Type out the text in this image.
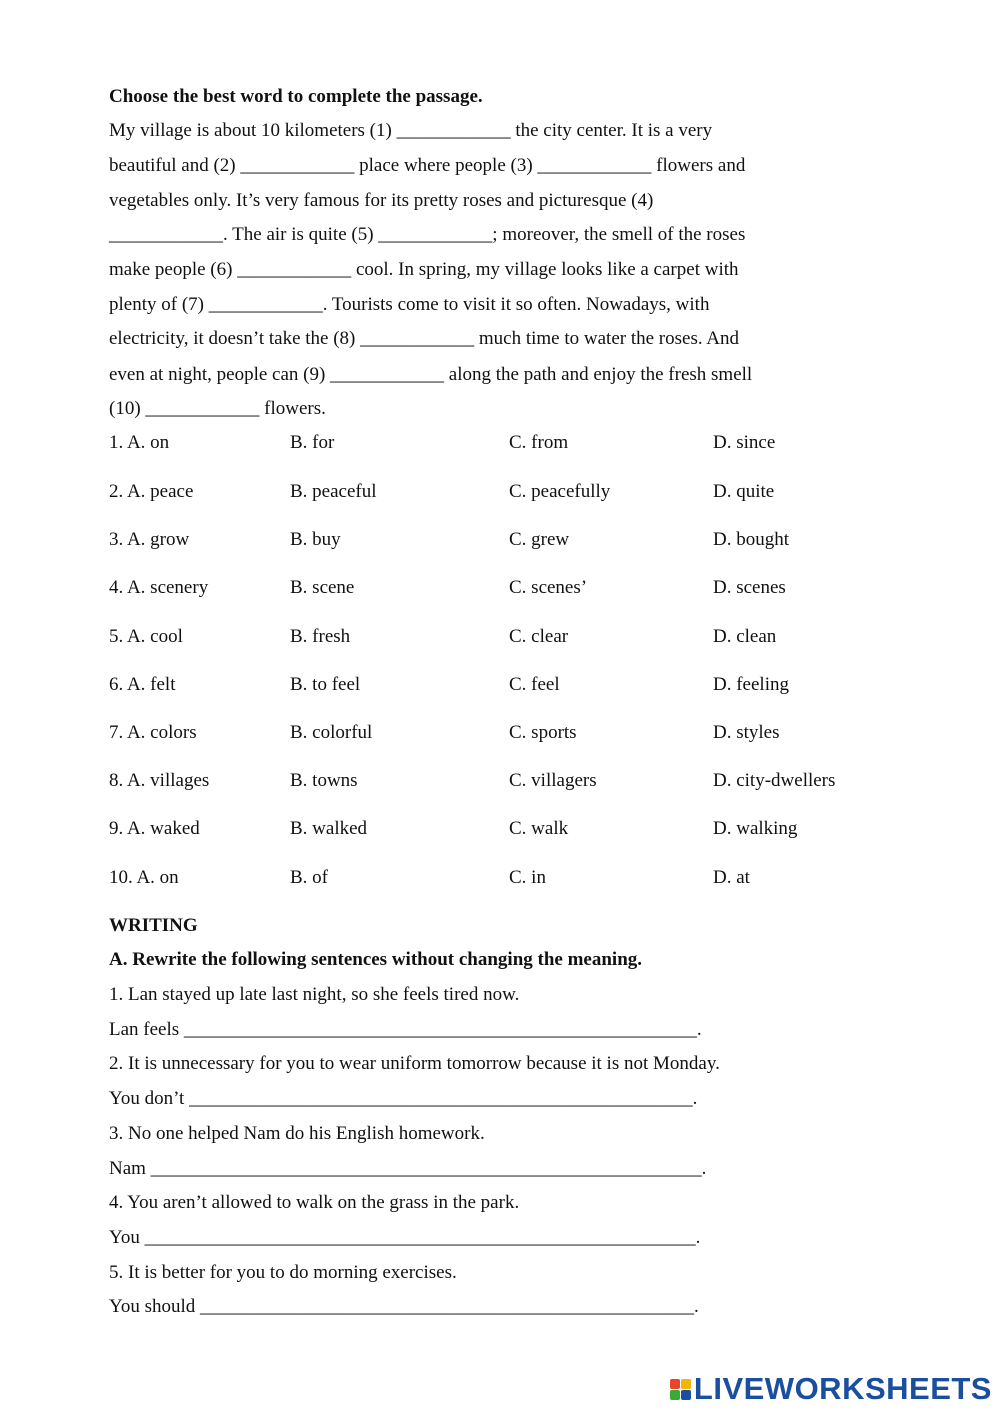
Choose the best word to complete the passage.
My village is about 10 kilometers (1) ____________ the city center. It is a very
beautiful and (2) ____________ place where people (3) ____________ flowers and
vegetables only. It’s very famous for its pretty roses and picturesque (4)
____________. The air is quite (5) ____________; moreover, the smell of the roses
make people (6) ____________ cool. In spring, my village looks like a carpet with
plenty of (7) ____________. Tourists come to visit it so often. Nowadays, with
electricity, it doesn’t take the (8) ____________ much time to water the roses. And
even at night, people can (9) ____________ along the path and enjoy the fresh smell
(10) ____________ flowers.
1. A. on	B. for	C. from	D. since
2. A. peace	B. peaceful	C. peacefully	D. quite
3. A. grow	B. buy	C. grew	D. bought
4. A. scenery	B. scene	C. scenes’	D. scenes
5. A. cool	B. fresh	C. clear	D. clean
6. A. felt	B. to feel	C. feel	D. feeling
7. A. colors	B. colorful	C. sports	D. styles
8. A. villages	B. towns	C. villagers	D. city-dwellers
9. A. waked	B. walked	C. walk	D. walking
10. A. on	B. of	C. in	D. at
WRITING
A. Rewrite the following sentences without changing the meaning.
1. Lan stayed up late last night, so she feels tired now.
Lan feels ______________________________________________________.
2. It is unnecessary for you to wear uniform tomorrow because it is not Monday.
You don’t _____________________________________________________.
3. No one helped Nam do his English homework.
Nam __________________________________________________________.
4. You aren’t allowed to walk on the grass in the park.
You __________________________________________________________.
5. It is better for you to do morning exercises.
You should ____________________________________________________.
LIVEWORKSHEETS
